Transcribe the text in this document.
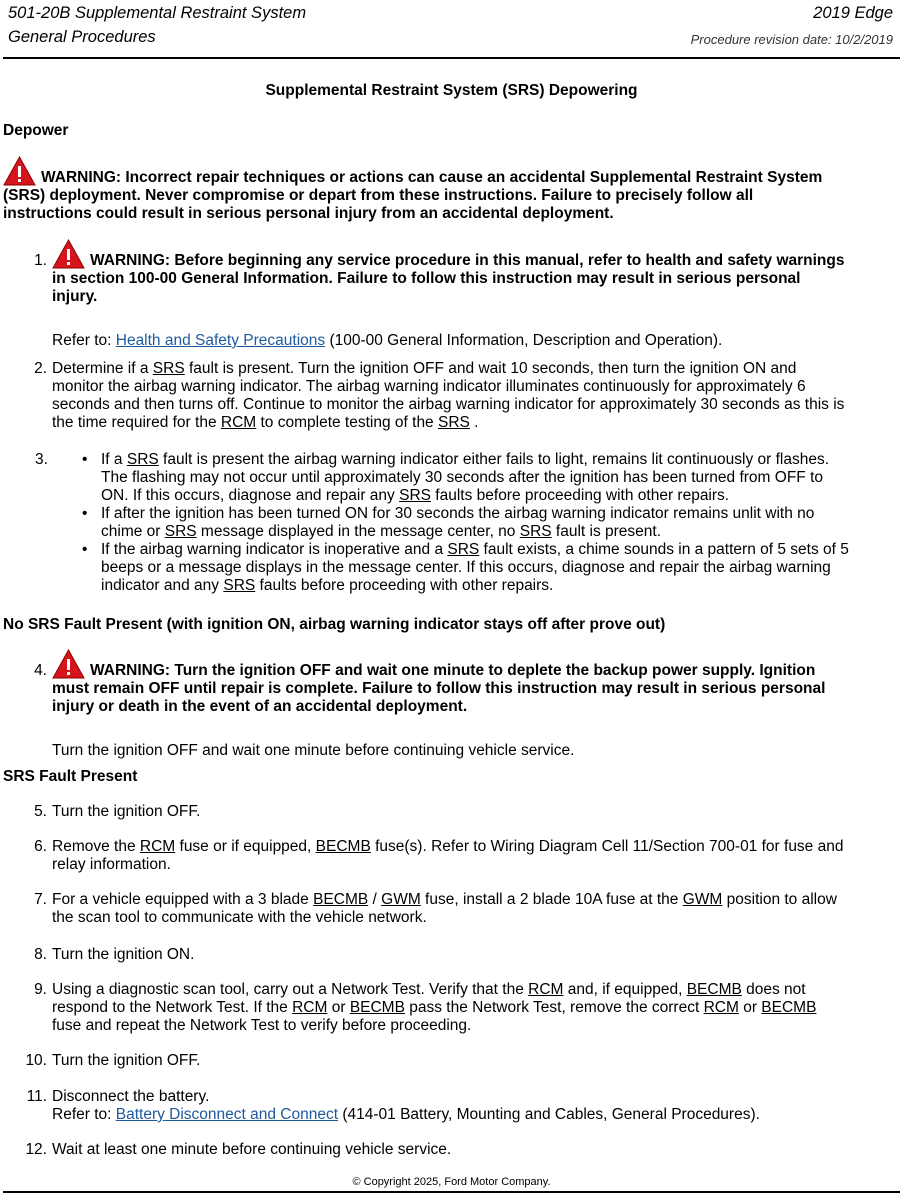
501-20B Supplemental Restraint System
General Procedures
2019 Edge
Procedure revision date: 10/2/2019
Supplemental Restraint System (SRS) Depowering
Depower
WARNING: Incorrect repair techniques or actions can cause an accidental Supplemental Restraint System
(SRS) deployment. Never compromise or depart from these instructions. Failure to precisely follow all
instructions could result in serious personal injury from an accidental deployment.
1.	WARNING: Before beginning any service procedure in this manual, refer to health and safety warnings
in section 100-00 General Information. Failure to follow this instruction may result in serious personal
injury.
Refer to: Health and Safety Precautions (100-00 General Information, Description and Operation).
2. Determine if a SRS fault is present. Turn the ignition OFF and wait 10 seconds, then turn the ignition ON and
monitor the airbag warning indicator. The airbag warning indicator illuminates continuously for approximately 6
seconds and then turns off. Continue to monitor the airbag warning indicator for approximately 30 seconds as this is
the time required for the RCM to complete testing of the SRS .
3. • If a SRS fault is present the airbag warning indicator either fails to light, remains lit continuously or flashes.
The flashing may not occur until approximately 30 seconds after the ignition has been turned from OFF to
ON. If this occurs, diagnose and repair any SRS faults before proceeding with other repairs.
• If after the ignition has been turned ON for 30 seconds the airbag warning indicator remains unlit with no
chime or SRS message displayed in the message center, no SRS fault is present.
• If the airbag warning indicator is inoperative and a SRS fault exists, a chime sounds in a pattern of 5 sets of 5
beeps or a message displays in the message center. If this occurs, diagnose and repair the airbag warning
indicator and any SRS faults before proceeding with other repairs.
No SRS Fault Present (with ignition ON, airbag warning indicator stays off after prove out)
4.	WARNING: Turn the ignition OFF and wait one minute to deplete the backup power supply. Ignition
must remain OFF until repair is complete. Failure to follow this instruction may result in serious personal
injury or death in the event of an accidental deployment.
Turn the ignition OFF and wait one minute before continuing vehicle service.
SRS Fault Present
5. Turn the ignition OFF.
6. Remove the RCM fuse or if equipped, BECMB fuse(s). Refer to Wiring Diagram Cell 11/Section 700-01 for fuse and
relay information.
7. For a vehicle equipped with a 3 blade BECMB / GWM fuse, install a 2 blade 10A fuse at the GWM position to allow
the scan tool to communicate with the vehicle network.
8. Turn the ignition ON.
9. Using a diagnostic scan tool, carry out a Network Test. Verify that the RCM and, if equipped, BECMB does not
respond to the Network Test. If the RCM or BECMB pass the Network Test, remove the correct RCM or BECMB
fuse and repeat the Network Test to verify before proceeding.
10. Turn the ignition OFF.
11. Disconnect the battery.
Refer to: Battery Disconnect and Connect (414-01 Battery, Mounting and Cables, General Procedures).
12. Wait at least one minute before continuing vehicle service.
© Copyright 2025, Ford Motor Company.
